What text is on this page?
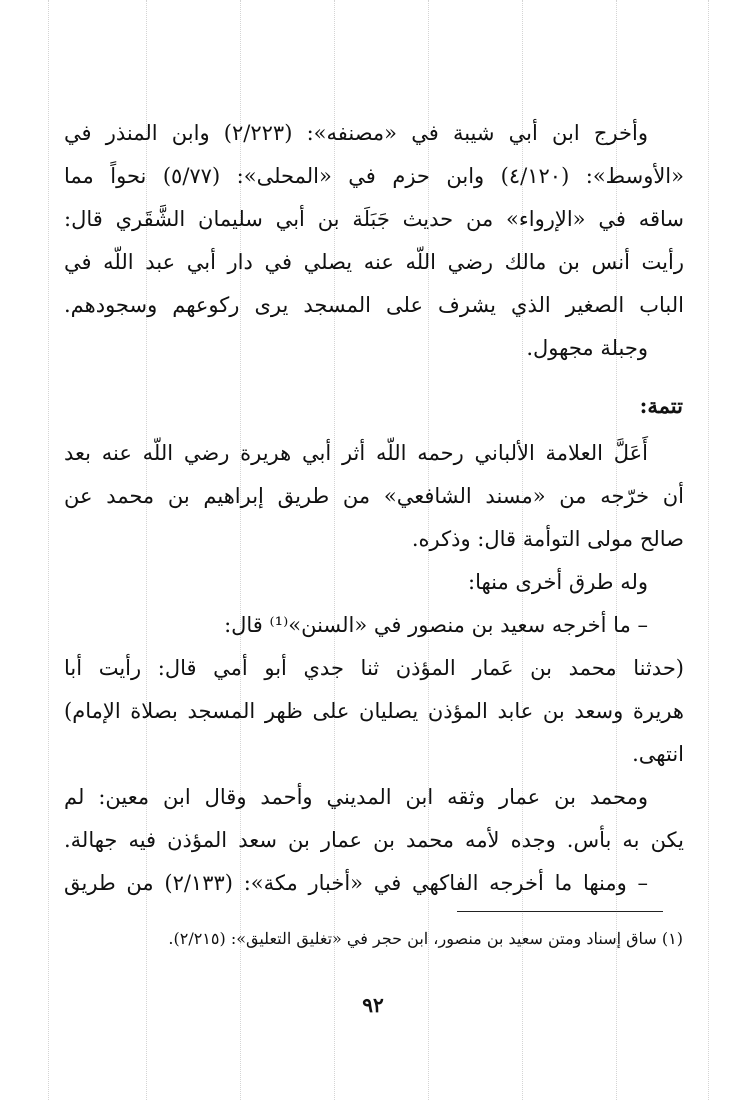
وأخرج ابن أبي شيبة في «مصنفه»: (٢/٢٢٣) وابن المنذر في
«الأوسط»: (٤/١٢٠) وابن حزم في «المحلى»: (٥/٧٧) نحواً مما
ساقه في «الإرواء» من حديث جَبَلَة بن أبي سليمان الشَّقَري قال:
رأيت أنس بن مالك رضي اللّه عنه يصلي في دار أبي عبد اللّه في
الباب الصغير الذي يشرف على المسجد يرى ركوعهم وسجودهم.
وجبلة مجهول.
تتمة:
أَعَلَّ العلامة الألباني رحمه اللّه أثر أبي هريرة رضي اللّه عنه بعد
أن خرّجه من «مسند الشافعي» من طريق إبراهيم بن محمد عن
صالح مولى التوأمة قال: وذكره.
وله طرق أخرى منها:
– ما أخرجه سعيد بن منصور في «السنن»⁽¹⁾ قال:
(حدثنا محمد بن عَمار المؤذن ثنا جدي أبو أمي قال: رأيت أبا
هريرة وسعد بن عابد المؤذن يصليان على ظهر المسجد بصلاة الإمام)
انتهى.
ومحمد بن عمار وثقه ابن المديني وأحمد وقال ابن معين: لم
يكن به بأس. وجده لأمه محمد بن عمار بن سعد المؤذن فيه جهالة.
– ومنها ما أخرجه الفاكهي في «أخبار مكة»: (٢/١٣٣) من طريق
(١) ساق إسناد ومتن سعيد بن منصور، ابن حجر في «تغليق التعليق»: (٢/٢١٥).
٩٢
